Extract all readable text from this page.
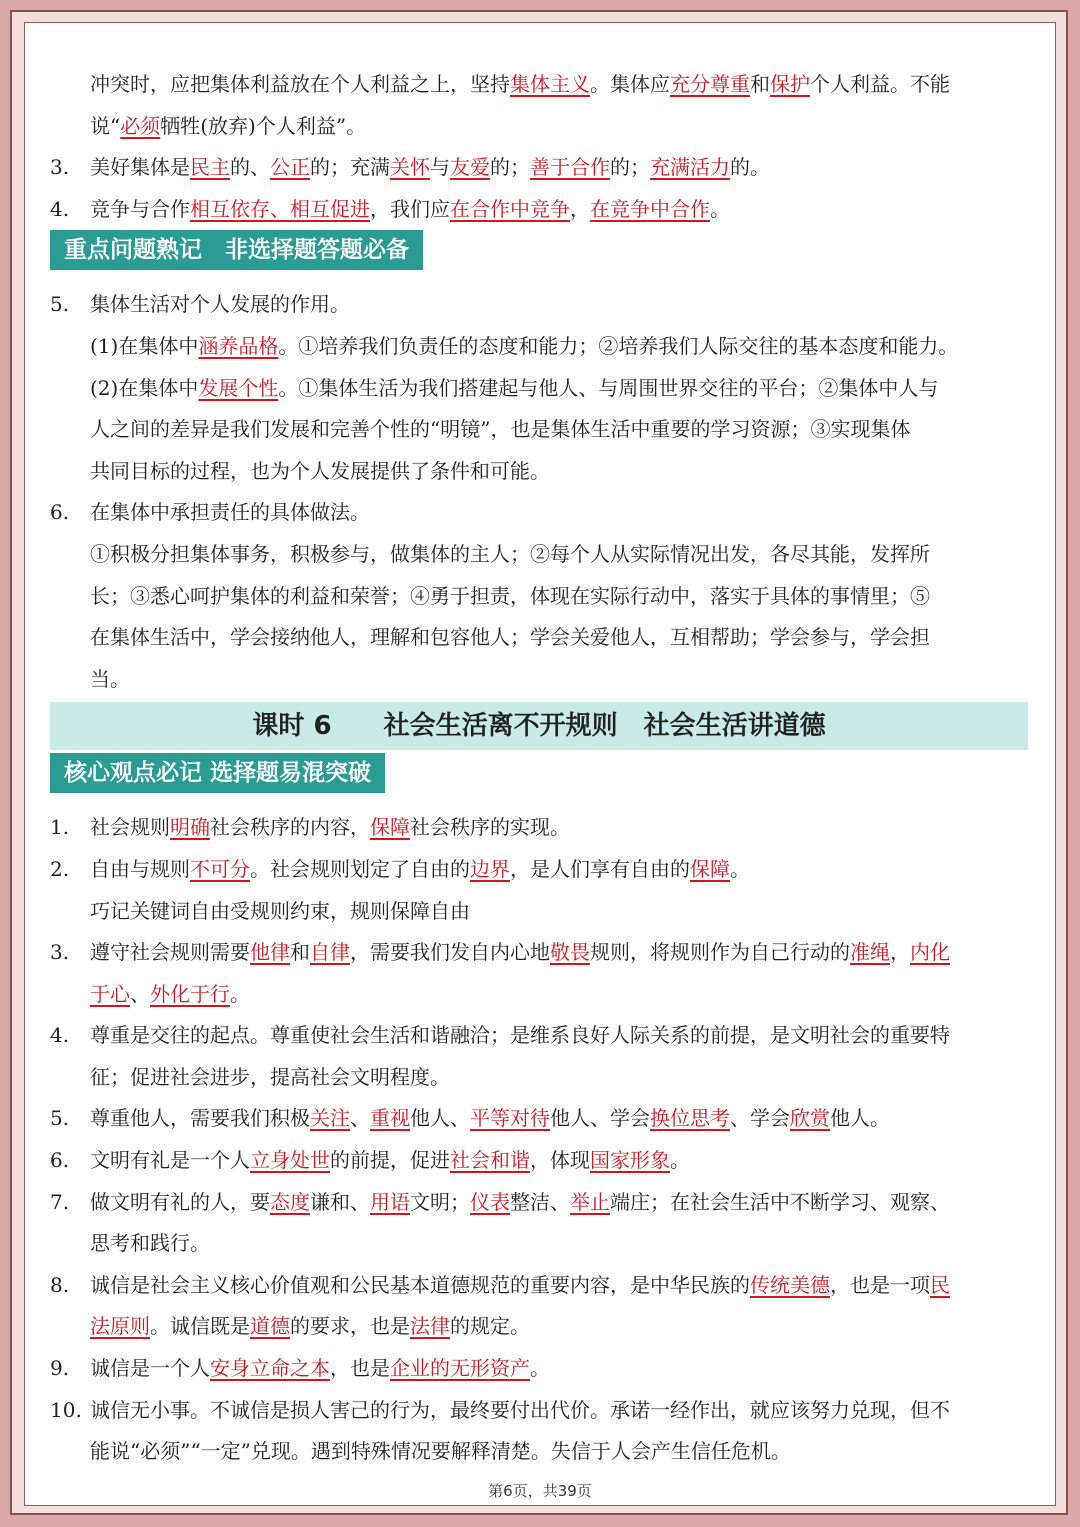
冲突时，应把集体利益放在个人利益之上，坚持集体主义。集体应充分尊重和保护个人利益。不能
说“必须牺牲(放弃)个人利益”。
3.	美好集体是民主的、公正的；充满关怀与友爱的；善于合作的；充满活力的。
4.	竞争与合作相互依存、相互促进，我们应在合作中竞争，在竞争中合作。
重点问题熟记　非选择题答题必备
5.	集体生活对个人发展的作用。
(1)在集体中涵养品格。①培养我们负责任的态度和能力；②培养我们人际交往的基本态度和能力。
(2)在集体中发展个性。①集体生活为我们搭建起与他人、与周围世界交往的平台；②集体中人与
人之间的差异是我们发展和完善个性的“明镜”，也是集体生活中重要的学习资源；③实现集体
共同目标的过程，也为个人发展提供了条件和可能。
6.	在集体中承担责任的具体做法。
①积极分担集体事务，积极参与，做集体的主人；②每个人从实际情况出发，各尽其能，发挥所
长；③悉心呵护集体的利益和荣誉；④勇于担责，体现在实际行动中，落实于具体的事情里；⑤
在集体生活中，学会接纳他人，理解和包容他人；学会关爱他人，互相帮助；学会参与，学会担
当。
课时 6　　社会生活离不开规则　社会生活讲道德
核心观点必记 选择题易混突破
1.	社会规则明确社会秩序的内容，保障社会秩序的实现。
2.	自由与规则不可分。社会规则划定了自由的边界，是人们享有自由的保障。
巧记关键词自由受规则约束，规则保障自由
3.	遵守社会规则需要他律和自律，需要我们发自内心地敬畏规则，将规则作为自己行动的准绳，内化
于心、外化于行。
4.	尊重是交往的起点。尊重使社会生活和谐融洽；是维系良好人际关系的前提，是文明社会的重要特
征；促进社会进步，提高社会文明程度。
5.	尊重他人，需要我们积极关注、重视他人、平等对待他人、学会换位思考、学会欣赏他人。
6.	文明有礼是一个人立身处世的前提，促进社会和谐，体现国家形象。
7.	做文明有礼的人，要态度谦和、用语文明；仪表整洁、举止端庄；在社会生活中不断学习、观察、
思考和践行。
8.	诚信是社会主义核心价值观和公民基本道德规范的重要内容，是中华民族的传统美德，也是一项民
法原则。诚信既是道德的要求，也是法律的规定。
9.	诚信是一个人安身立命之本，也是企业的无形资产。
10. 诚信无小事。不诚信是损人害己的行为，最终要付出代价。承诺一经作出，就应该努力兑现，但不
能说“必须”“一定”兑现。遇到特殊情况要解释清楚。失信于人会产生信任危机。
第6页，共39页
